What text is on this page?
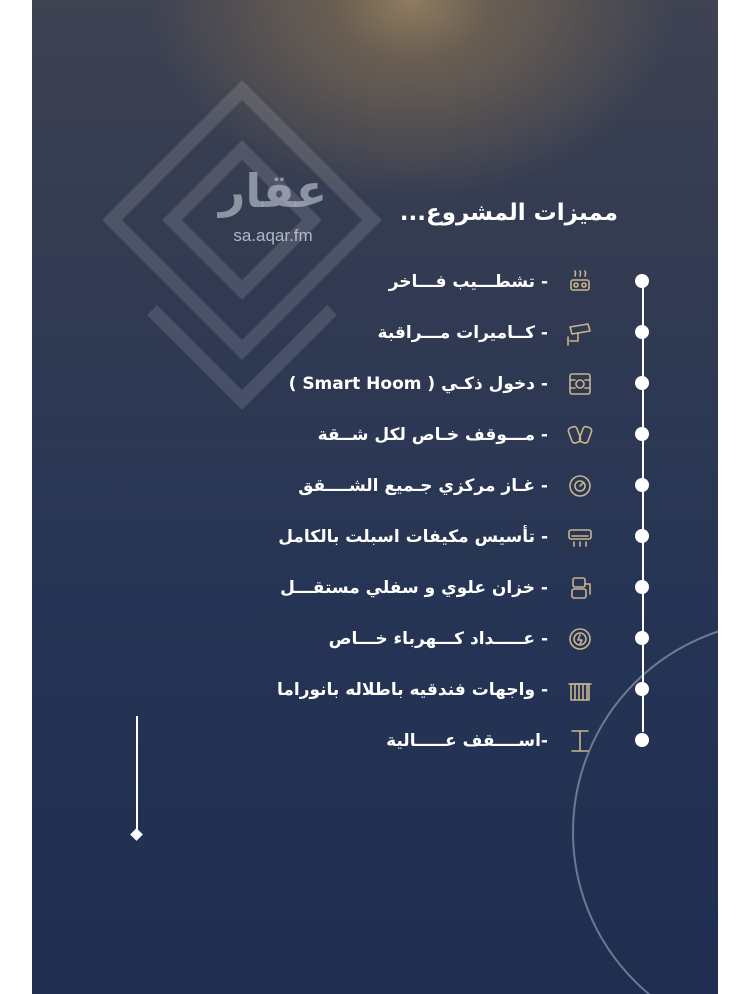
عقار
sa.aqar.fm
مميزات المشروع...
- تشطـــيب فـــاخر
- كــاميرات مـــراقبة
- دخول ذكـي ( Smart Hoom )
- مـــوقف خـاص لكل شــقة
- غـاز مركزي جـميع الشــــقق
- تأسيس مكيفات اسبلت بالكامل
- خزان علوي و سفلي مستقـــل
- عـــــداد كـــهرباء خـــاص
- واجهات فندقيه باطلاله بانوراما
-اســــقف عـــــالية
